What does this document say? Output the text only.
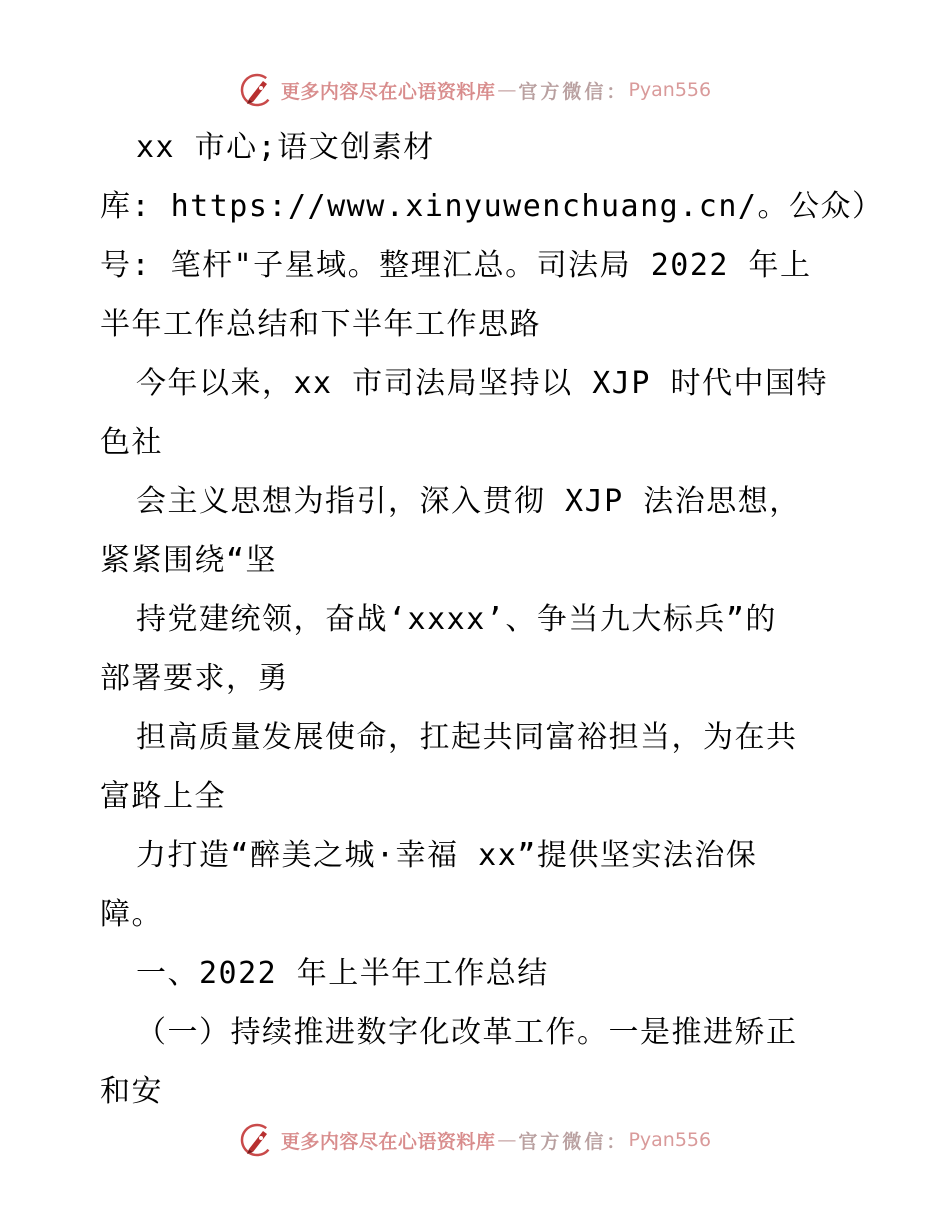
更多内容尽在心语资料库 — 官方微信： Pyan556
xx 市心;语文创素材
库: https://www.xinyuwenchuang.cn/。公众）
号: 笔杆"子星域。整理汇总。司法局 2022 年上
半年工作总结和下半年工作思路
今年以来，xx 市司法局坚持以 XJP 时代中国特
色社
会主义思想为指引，深入贯彻 XJP 法治思想，
紧紧围绕“坚
持党建统领，奋战‘xxxx’、争当九大标兵”的
部署要求，勇
担高质量发展使命，扛起共同富裕担当，为在共
富路上全
力打造“醉美之城·幸福 xx”提供坚实法治保
障。
一、2022 年上半年工作总结
（一）持续推进数字化改革工作。一是推进矫正
和安
更多内容尽在心语资料库 — 官方微信： Pyan556
